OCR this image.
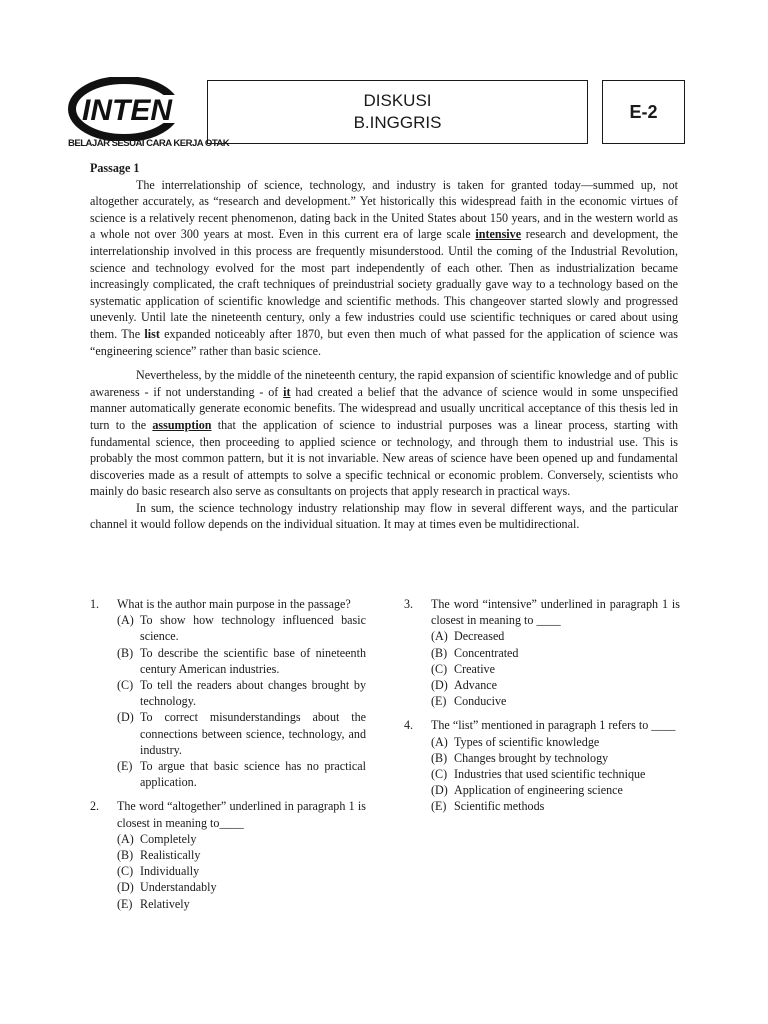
INTEN
BELAJAR SESUAI CARA KERJA OTAK
DISKUSI
B.INGGRIS
E-2
Passage 1

The interrelationship of science, technology, and industry is taken for granted today—summed up, not altogether accurately, as “research and development.” Yet historically this widespread faith in the economic virtues of science is a relatively recent phenomenon, dating back in the United States about 150 years, and in the western world as a whole not over 300 years at most. Even in this current era of large scale intensive research and development, the interrelationship involved in this process are frequently misunderstood. Until the coming of the Industrial Revolution, science and technology evolved for the most part independently of each other. Then as industrialization became increasingly complicated, the craft techniques of preindustrial society gradually gave way to a technology based on the systematic application of scientific knowledge and scientific methods. This changeover started slowly and progressed unevenly. Until late the nineteenth century, only a few industries could use scientific techniques or cared about using them. The list expanded noticeably after 1870, but even then much of what passed for the application of science was “engineering science” rather than basic science.

Nevertheless, by the middle of the nineteenth century, the rapid expansion of scientific knowledge and of public awareness - if not understanding - of it had created a belief that the advance of science would in some unspecified manner automatically generate economic benefits. The widespread and usually uncritical acceptance of this thesis led in turn to the assumption that the application of science to industrial purposes was a linear process, starting with fundamental science, then proceeding to applied science or technology, and through them to industrial use. This is probably the most common pattern, but it is not invariable. New areas of science have been opened up and fundamental discoveries made as a result of attempts to solve a specific technical or economic problem. Conversely, scientists who mainly do basic research also serve as consultants on projects that apply research in practical ways.

In sum, the science technology industry relationship may flow in several different ways, and the particular channel it would follow depends on the individual situation. It may at times even be multidirectional.

1. What is the author main purpose in the passage?
(A) To show how technology influenced basic science.
(B) To describe the scientific base of nineteenth century American industries.
(C) To tell the readers about changes brought by technology.
(D) To correct misunderstandings about the connections between science, technology, and industry.
(E) To argue that basic science has no practical application.
2. The word “altogether” underlined in paragraph 1 is closest in meaning to____
(A) Completely
(B) Realistically
(C) Individually
(D) Understandably
(E) Relatively
3. The word “intensive” underlined in paragraph 1 is closest in meaning to ____
(A) Decreased
(B) Concentrated
(C) Creative
(D) Advance
(E) Conducive
4. The “list” mentioned in paragraph 1 refers to ____
(A) Types of scientific knowledge
(B) Changes brought by technology
(C) Industries that used scientific technique
(D) Application of engineering science
(E) Scientific methods
